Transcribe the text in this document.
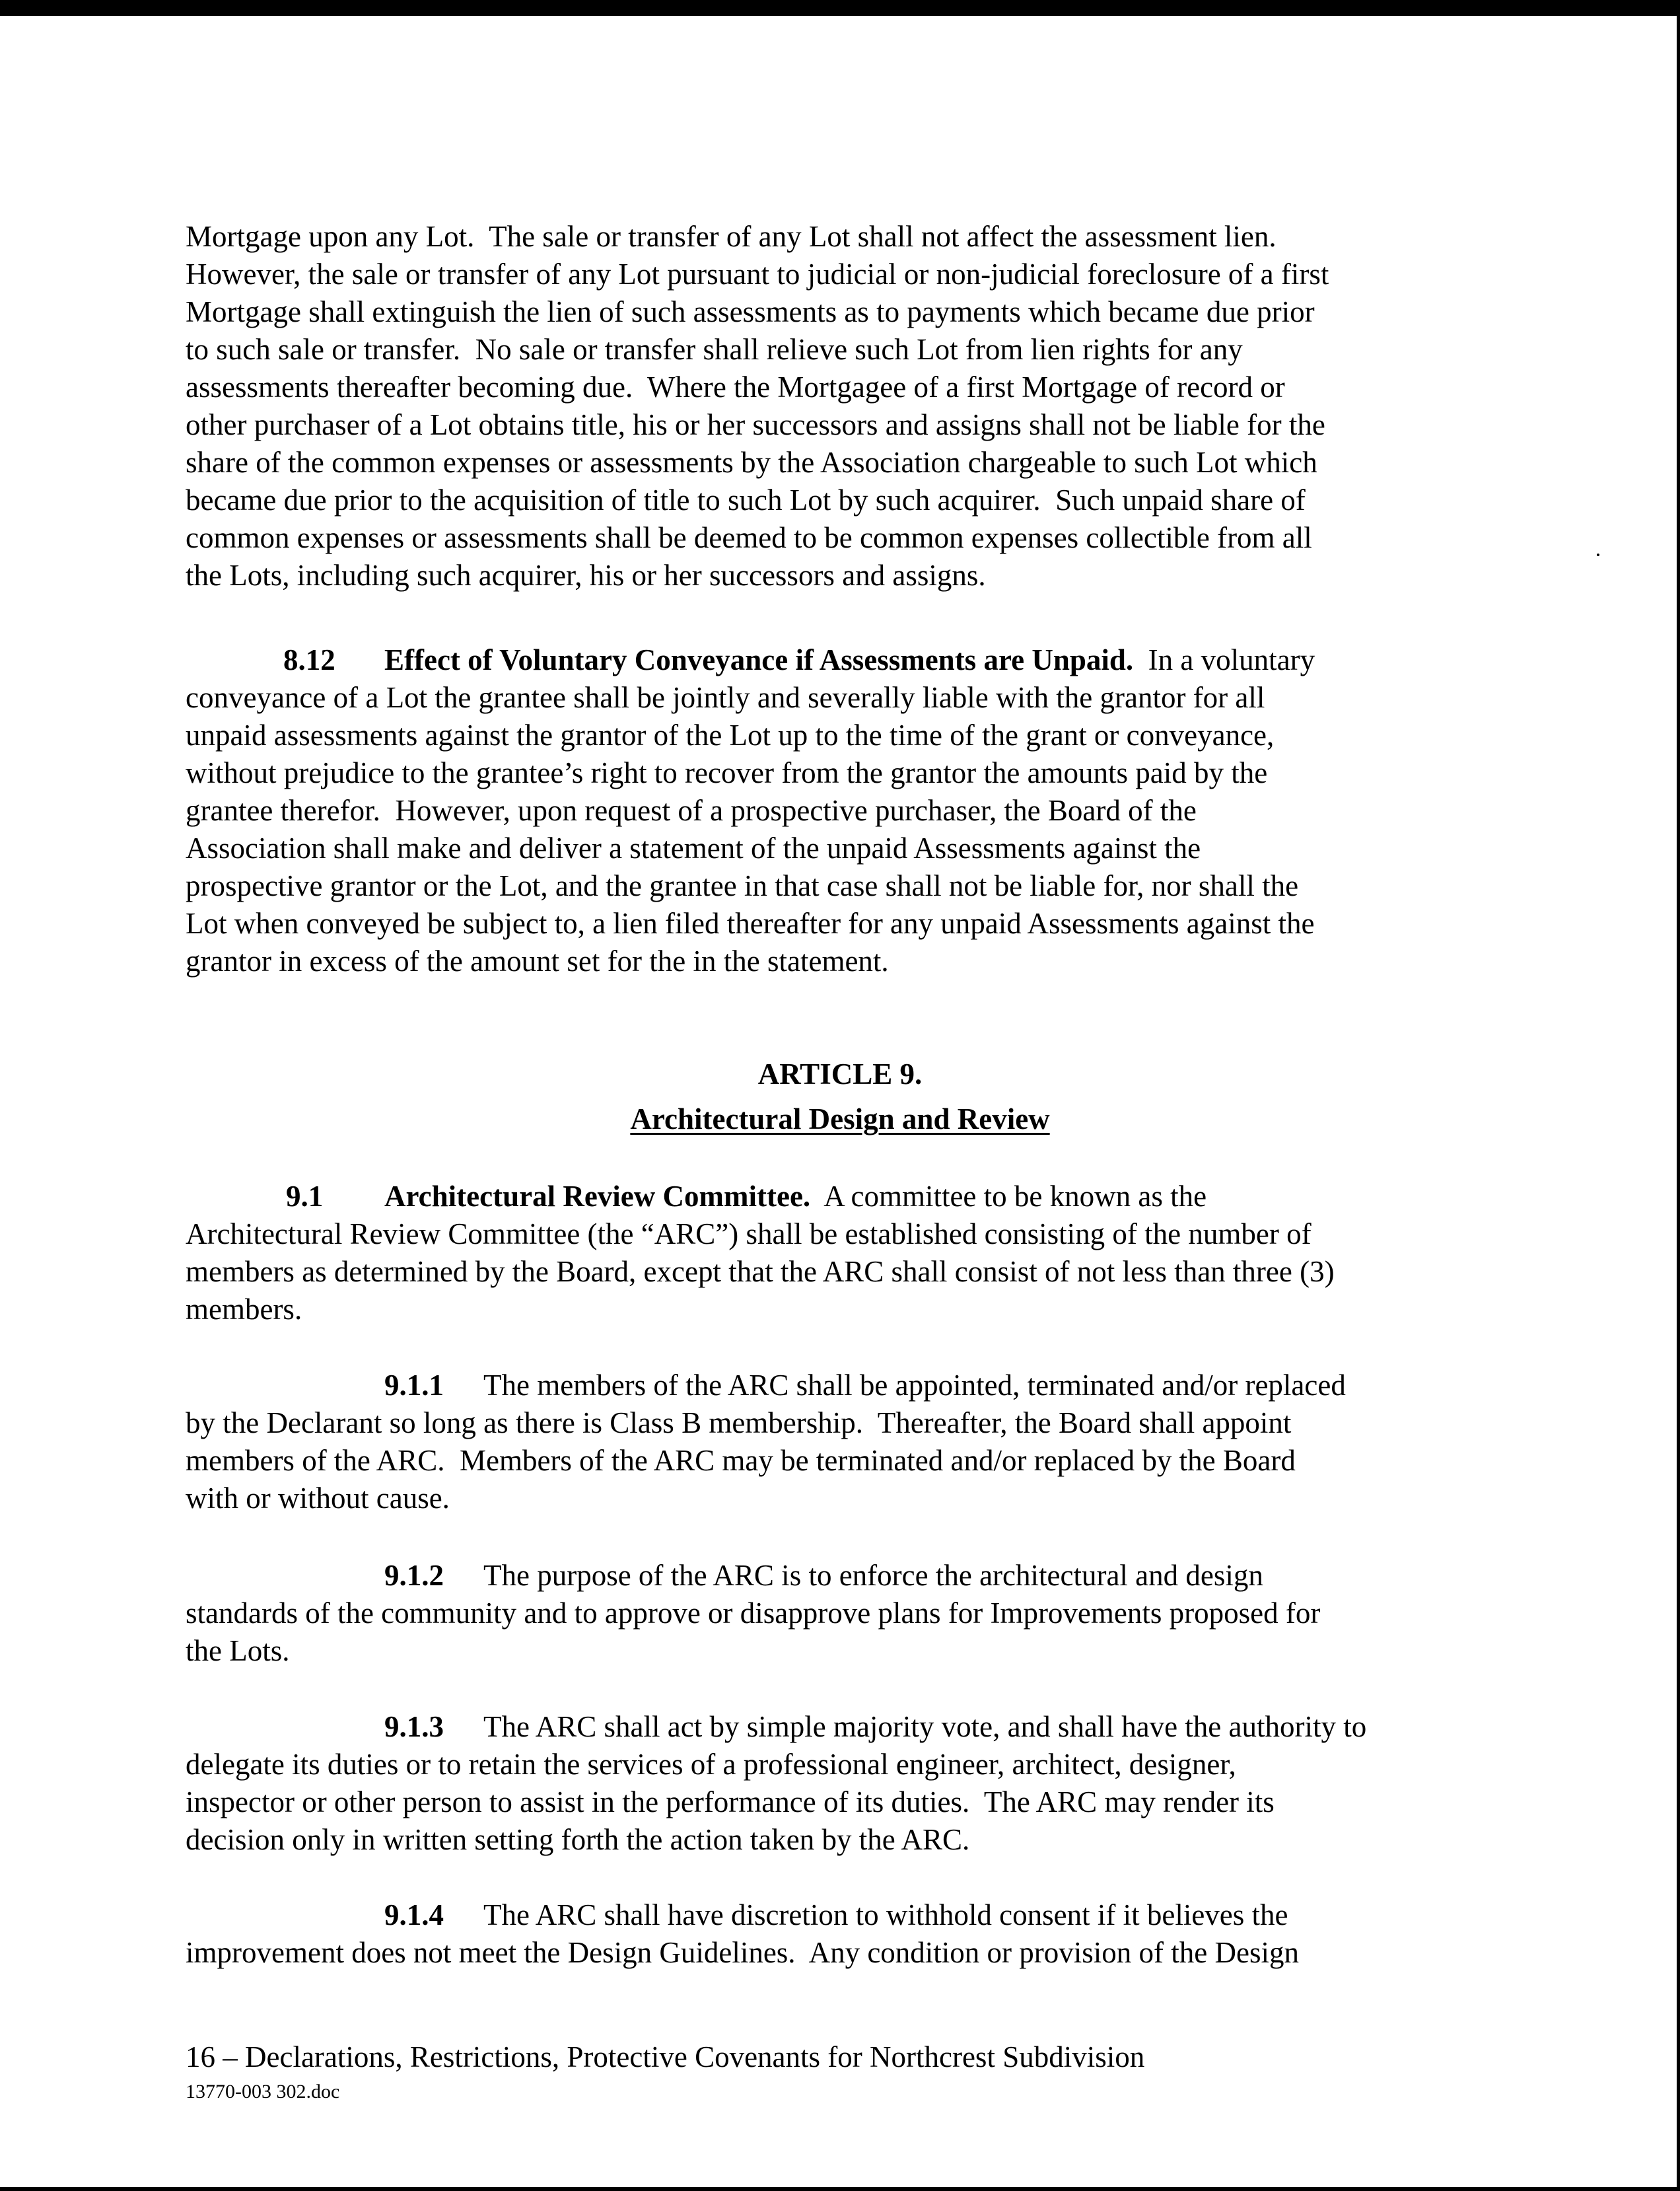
Mortgage upon any Lot.  The sale or transfer of any Lot shall not affect the assessment lien.
However, the sale or transfer of any Lot pursuant to judicial or non-judicial foreclosure of a first
Mortgage shall extinguish the lien of such assessments as to payments which became due prior
to such sale or transfer.  No sale or transfer shall relieve such Lot from lien rights for any
assessments thereafter becoming due.  Where the Mortgagee of a first Mortgage of record or
other purchaser of a Lot obtains title, his or her successors and assigns shall not be liable for the
share of the common expenses or assessments by the Association chargeable to such Lot which
became due prior to the acquisition of title to such Lot by such acquirer.  Such unpaid share of
common expenses or assessments shall be deemed to be common expenses collectible from all
the Lots, including such acquirer, his or her successors and assigns.
8.12 Effect of Voluntary Conveyance if Assessments are Unpaid. In a voluntary
conveyance of a Lot the grantee shall be jointly and severally liable with the grantor for all
unpaid assessments against the grantor of the Lot up to the time of the grant or conveyance,
without prejudice to the grantee’s right to recover from the grantor the amounts paid by the
grantee therefor.  However, upon request of a prospective purchaser, the Board of the
Association shall make and deliver a statement of the unpaid Assessments against the
prospective grantor or the Lot, and the grantee in that case shall not be liable for, nor shall the
Lot when conveyed be subject to, a lien filed thereafter for any unpaid Assessments against the
grantor in excess of the amount set for the in the statement.
ARTICLE 9.
Architectural Design and Review
9.1 Architectural Review Committee. A committee to be known as the
Architectural Review Committee (the “ARC”) shall be established consisting of the number of
members as determined by the Board, except that the ARC shall consist of not less than three (3)
members.
9.1.1 The members of the ARC shall be appointed, terminated and/or replaced
by the Declarant so long as there is Class B membership.  Thereafter, the Board shall appoint
members of the ARC.  Members of the ARC may be terminated and/or replaced by the Board
with or without cause.
9.1.2 The purpose of the ARC is to enforce the architectural and design
standards of the community and to approve or disapprove plans for Improvements proposed for
the Lots.
9.1.3 The ARC shall act by simple majority vote, and shall have the authority to
delegate its duties or to retain the services of a professional engineer, architect, designer,
inspector or other person to assist in the performance of its duties.  The ARC may render its
decision only in written setting forth the action taken by the ARC.
9.1.4 The ARC shall have discretion to withhold consent if it believes the
improvement does not meet the Design Guidelines.  Any condition or provision of the Design
16 – Declarations, Restrictions, Protective Covenants for Northcrest Subdivision
13770-003 302.doc
